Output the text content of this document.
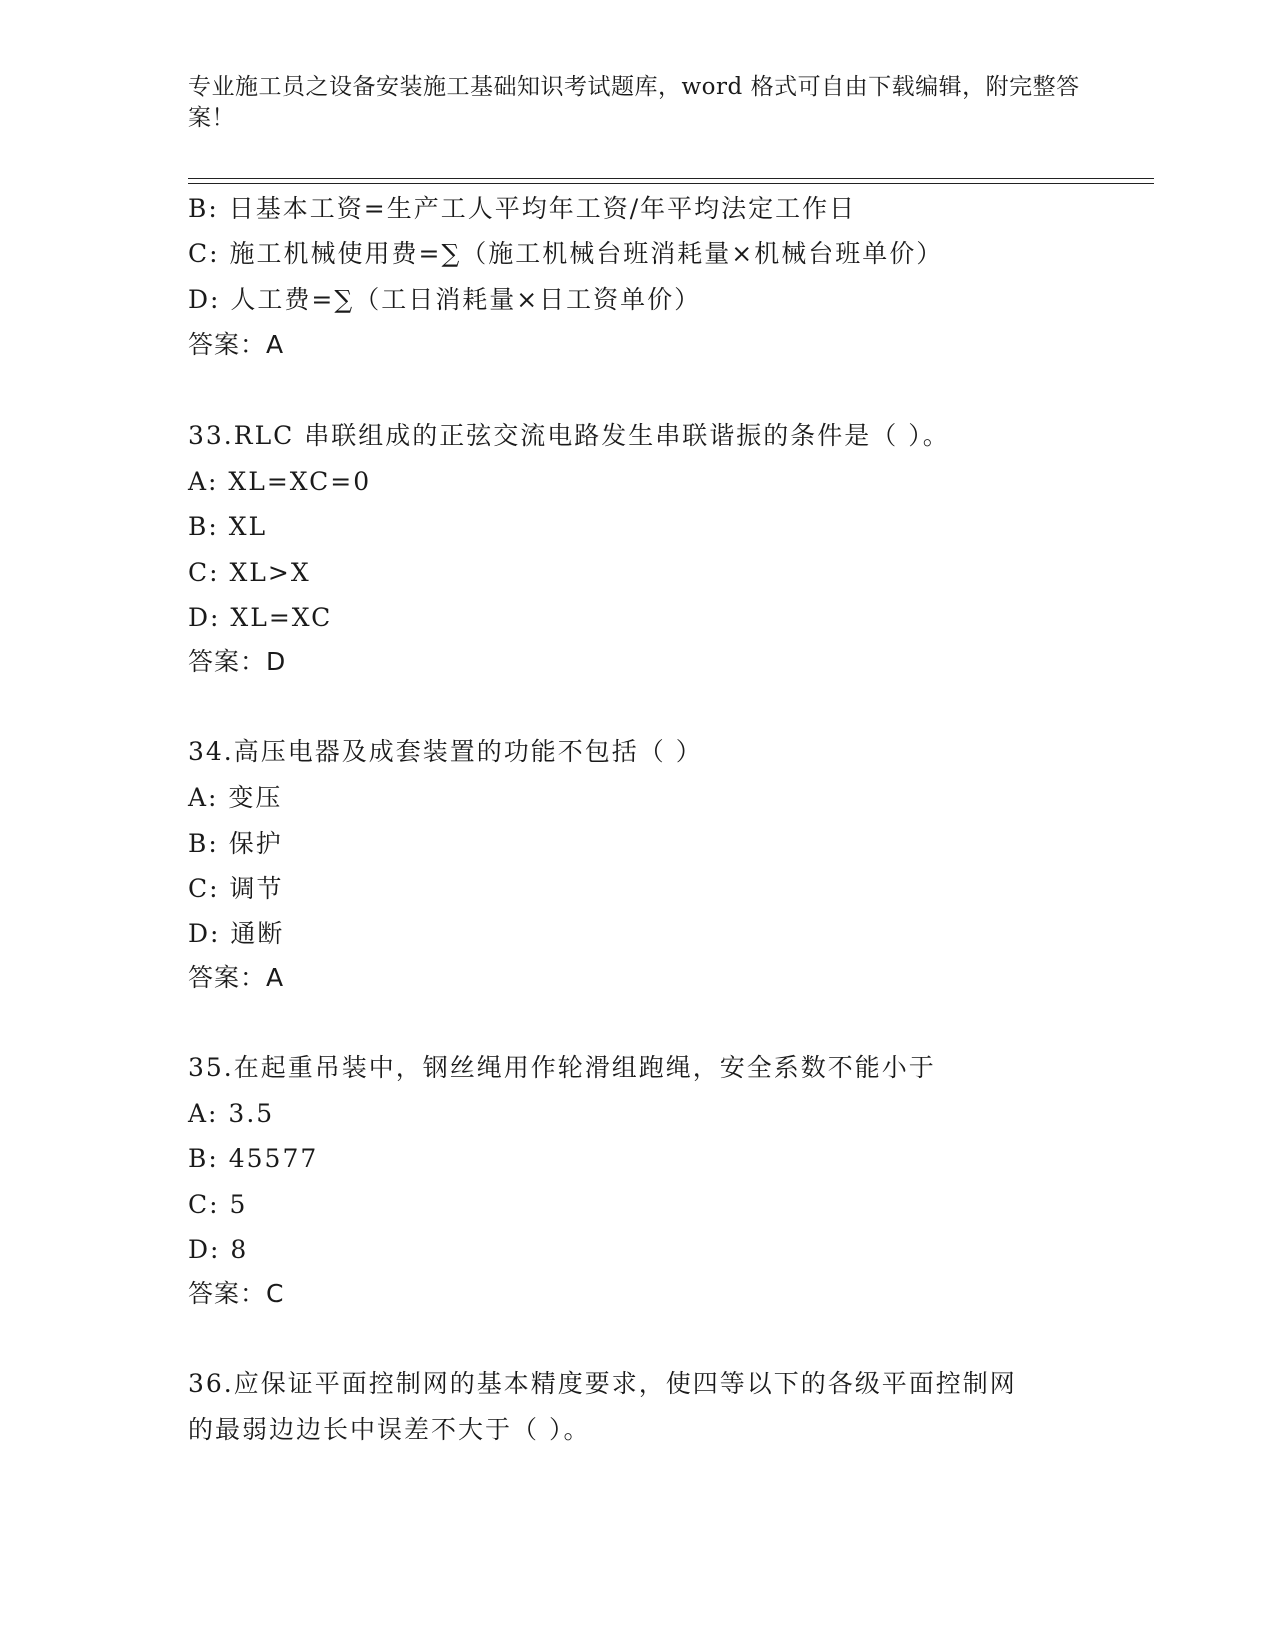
专业施工员之设备安装施工基础知识考试题库，word 格式可自由下载编辑，附完整答案！
B: 日基本工资=生产工人平均年工资/年平均法定工作日
C: 施工机械使用费=∑（施工机械台班消耗量×机械台班单价）
D: 人工费=∑（工日消耗量×日工资单价）
答案：A
33.RLC 串联组成的正弦交流电路发生串联谐振的条件是（ ）。
A: XL=XC=0
B: XL
C: XL>X
D: XL=XC
答案：D
34.高压电器及成套装置的功能不包括（ ）
A: 变压
B: 保护
C: 调节
D: 通断
答案：A
35.在起重吊装中，钢丝绳用作轮滑组跑绳，安全系数不能小于
A: 3.5
B: 45577
C: 5
D: 8
答案：C
36.应保证平面控制网的基本精度要求，使四等以下的各级平面控制网
的最弱边边长中误差不大于（ ）。
